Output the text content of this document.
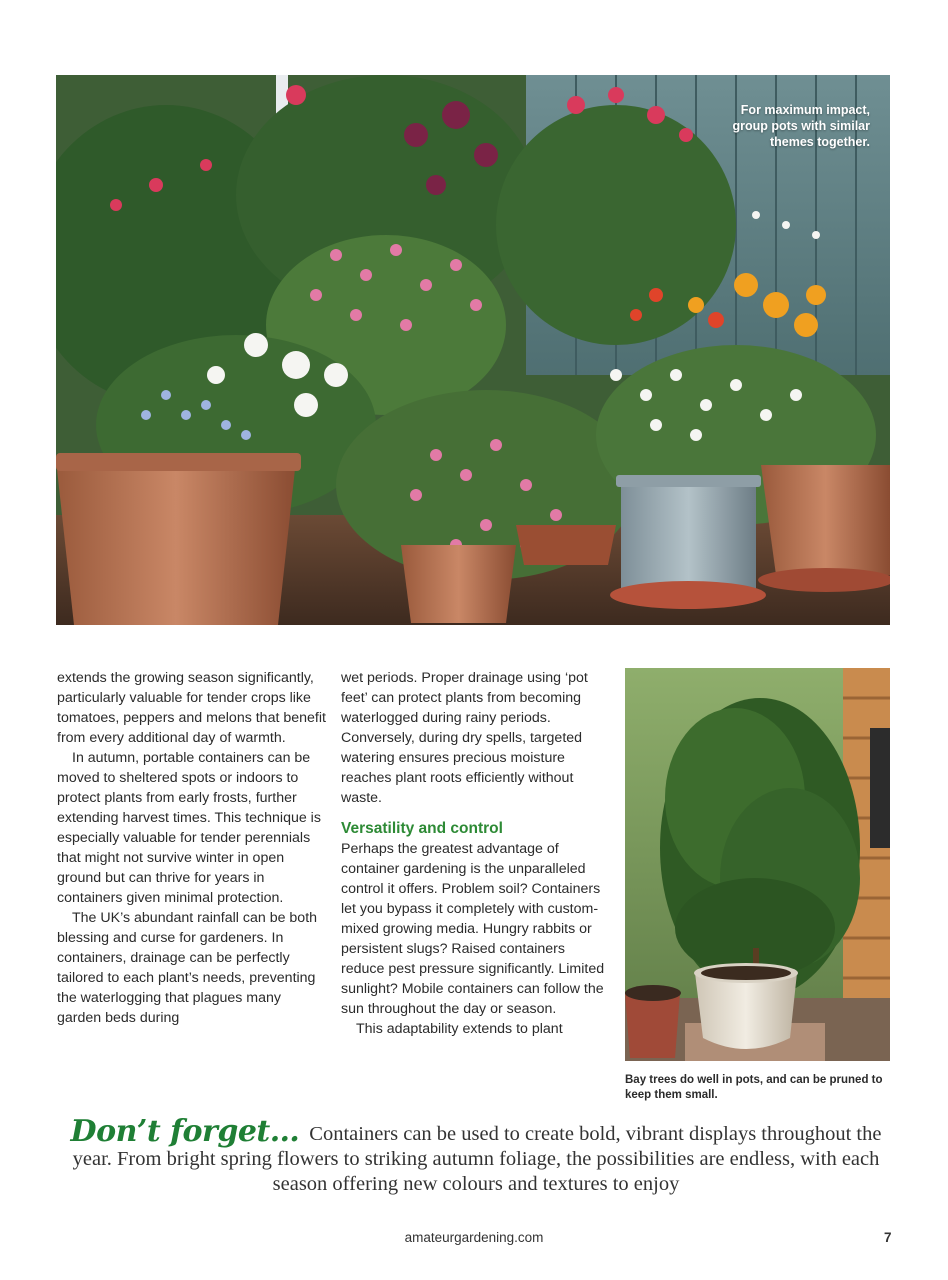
For maximum impact, group pots with similar themes together.

extends the growing season significantly, particularly valuable for tender crops like tomatoes, peppers and melons that benefit from every additional day of warmth.

In autumn, portable containers can be moved to sheltered spots or indoors to protect plants from early frosts, further extending harvest times. This technique is especially valuable for tender perennials that might not survive winter in open ground but can thrive for years in containers given minimal protection.

The UK’s abundant rainfall can be both blessing and curse for gardeners. In containers, drainage can be perfectly tailored to each plant’s needs, preventing the waterlogging that plagues many garden beds during

wet periods. Proper drainage using ‘pot feet’ can protect plants from becoming waterlogged during rainy periods. Conversely, during dry spells, targeted watering ensures precious moisture reaches plant roots efficiently without waste.

Versatility and control

Perhaps the greatest advantage of container gardening is the unparalleled control it offers. Problem soil? Containers let you bypass it completely with custom-mixed growing media. Hungry rabbits or persistent slugs? Raised containers reduce pest pressure significantly. Limited sunlight? Mobile containers can follow the sun throughout the day or season.

This adaptability extends to plant

Bay trees do well in pots, and can be pruned to keep them small.
Don’t forget… Containers can be used to create bold, vibrant displays throughout the year. From bright spring flowers to striking autumn foliage, the possibilities are endless, with each season offering new colours and textures to enjoy
amateurgardening.com	7
